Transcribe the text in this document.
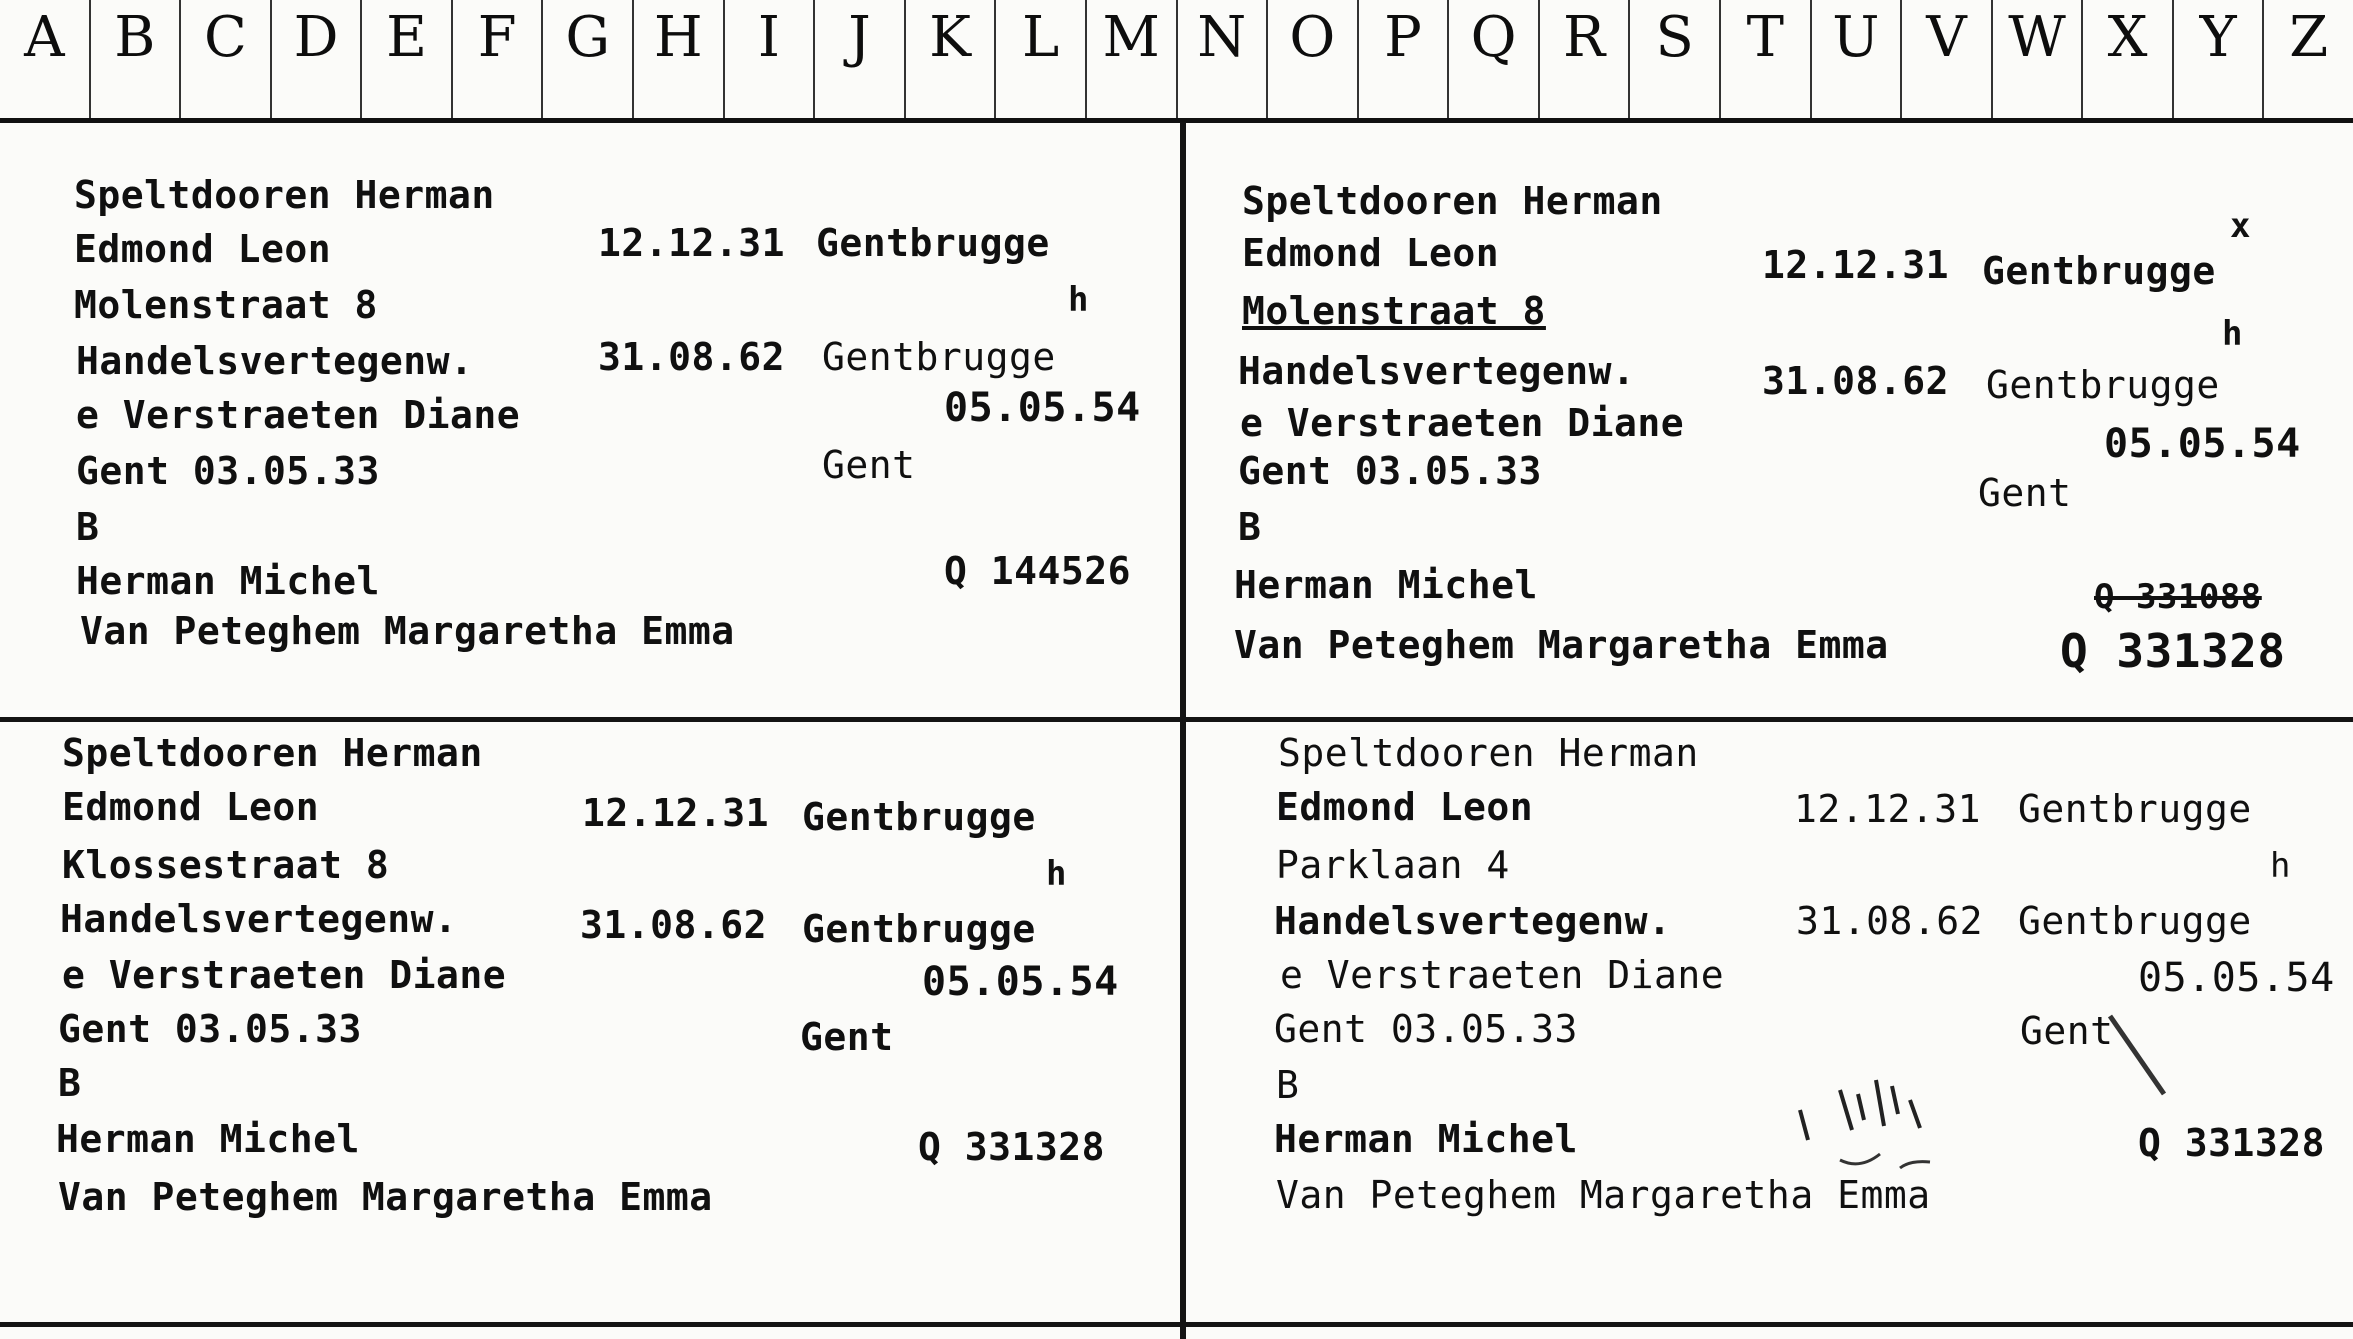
A B C D E F G H I	J	K L M N O P Q R S T U V W X Y Z
Speltdooren Herman
Edmond Leon	12.12.31 Gentbrugge
Molenstraat 8	h
Handelsvertegenw.	31.08.62 Gentbrugge
e Verstraeten Diane	05.05.54
Gent 03.05.33	Gent
B
Herman Michel	Q 144526
Van Peteghem Margaretha Emma
Speltdooren Herman
x
Edmond Leon	12.12.31 Gentbrugge
Molenstraat 8
h
Handelsvertegenw.	31.08.62 Gentbrugge
e Verstraeten Diane	05.05.54
Gent 03.05.33	Gent
B
Herman Michel	Q 331088
Q 331328
Van Peteghem Margaretha Emma
Speltdooren Herman
Edmond Leon	12.12.31 Gentbrugge
Klossestraat 8	h
Handelsvertegenw.	31.08.62 Gentbrugge
e Verstraeten Diane	05.05.54
Gent 03.05.33	Gent
B
Herman Michel	Q 331328
Van Peteghem Margaretha Emma
Speltdooren Herman
Edmond Leon	12.12.31 Gentbrugge
Parklaan 4	h
Handelsvertegenw.	31.08.62 Gentbrugge
e Verstraeten Diane	05.05.54
Gent 03.05.33	Gent
B
Herman Michel	Q 331328
Van Peteghem Margaretha Emma
